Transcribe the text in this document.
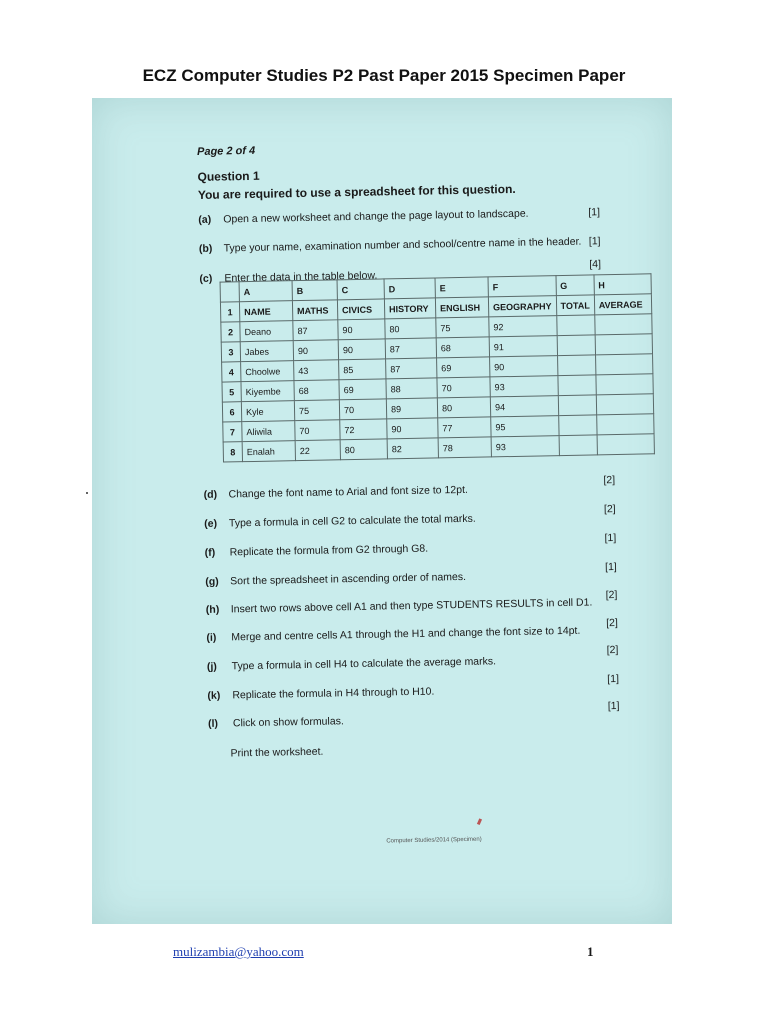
ECZ Computer Studies P2 Past Paper 2015 Specimen Paper
Page 2 of 4
Question 1
You are required to use a spreadsheet for this question.
(a) Open a new worksheet and change the page layout to landscape.	[1]
(b) Type your name, examination number and school/centre name in the header. [1]
(c) Enter the data in the table below.
[4]
	A	B	C	D	E	F	G	H
1	NAME	MATHS	CIVICS	HISTORY	ENGLISH	GEOGRAPHY	TOTAL	AVERAGE
2	Deano	87	90	80	75	92		
3	Jabes	90	90	87	68	91		
4	Choolwe	43	85	87	69	90		
5	Kiyembe	68	69	88	70	93		
6	Kyle	75	70	89	80	94		
7	Aliwila	70	72	90	77	95		
8	Enalah	22	80	82	78	93		
(d) Change the font name to Arial and font size to 12pt.
[2]
(e) Type a formula in cell G2 to calculate the total marks.
[2]
(f) Replicate the formula from G2 through G8.
[1]
(g) Sort the spreadsheet in ascending order of names.
[1]
(h) Insert two rows above cell A1 and then type STUDENTS RESULTS in cell D1.
[2]
(i) Merge and centre cells A1 through the H1 and change the font size to 14pt.
[2]
(j) Type a formula in cell H4 to calculate the average marks.
[2]
(k) Replicate the formula in H4 through to H10.
[1]
(l) Click on show formulas.
[1]
Print the worksheet.
Computer Studies/2014 (Specimen)
mulizambia@yahoo.com	1
